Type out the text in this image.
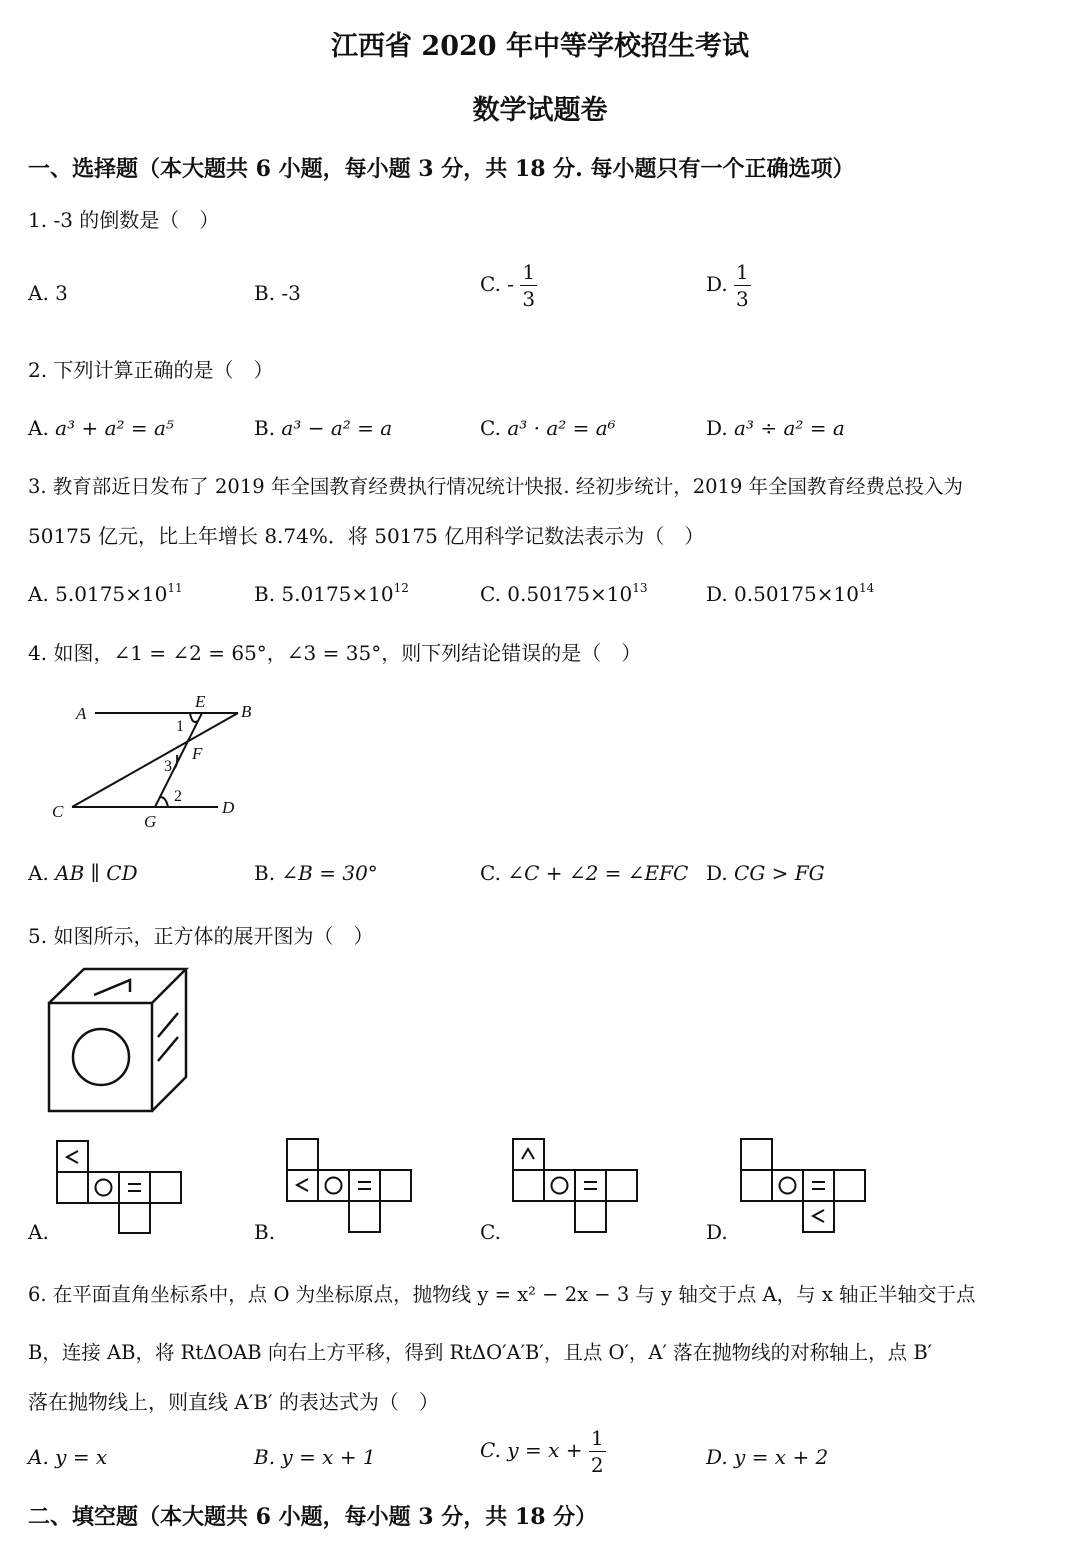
江西省 2020 年中等学校招生考试
数学试题卷
一、选择题（本大题共 6 小题，每小题 3 分，共 18 分. 每小题只有一个正确选项）
1. -3 的倒数是（　）
A. 3	B. -3	C. - $\frac{1}{3}$	D. $\frac{1}{3}$
2. 下列计算正确的是（　）
A. a³ + a² = a⁵	B. a³ − a² = a	C. a³ · a² = a⁶	D. a³ ÷ a² = a
3. 教育部近日发布了 2019 年全国教育经费执行情况统计快报. 经初步统计，2019 年全国教育经费总投入为
50175 亿元，比上年增长 8.74%．将 50175 亿用科学记数法表示为（　）
A. $5.0175\times 10^{11}$	B. $5.0175\times 10^{12}$	C. $0.50175\times 10^{13}$	D. $0.50175\times 10^{14}$
4. 如图，∠1 = ∠2 = 65°，∠3 = 35°，则下列结论错误的是（　）
A	B
E
F
C	D
G
1
3
2
A. AB ∥ CD	B. ∠B = 30°	C. ∠C + ∠2 = ∠EFC D. CG > FG
5. 如图所示，正方体的展开图为（　）
A.	B.	C.	D.
6. 在平面直角坐标系中，点 O 为坐标原点，抛物线 y = x² − 2x − 3 与 y 轴交于点 A，与 x 轴正半轴交于点
B，连接 AB，将 RtΔOAB 向右上方平移，得到 RtΔO′A′B′，且点 O′，A′ 落在抛物线的对称轴上，点 B′
落在抛物线上，则直线 A′B′ 的表达式为（　）
A. y = x	B. y = x + 1	C. $y = x + \frac{1}{2}$	D. y = x + 2
二、填空题（本大题共 6 小题，每小题 3 分，共 18 分）
